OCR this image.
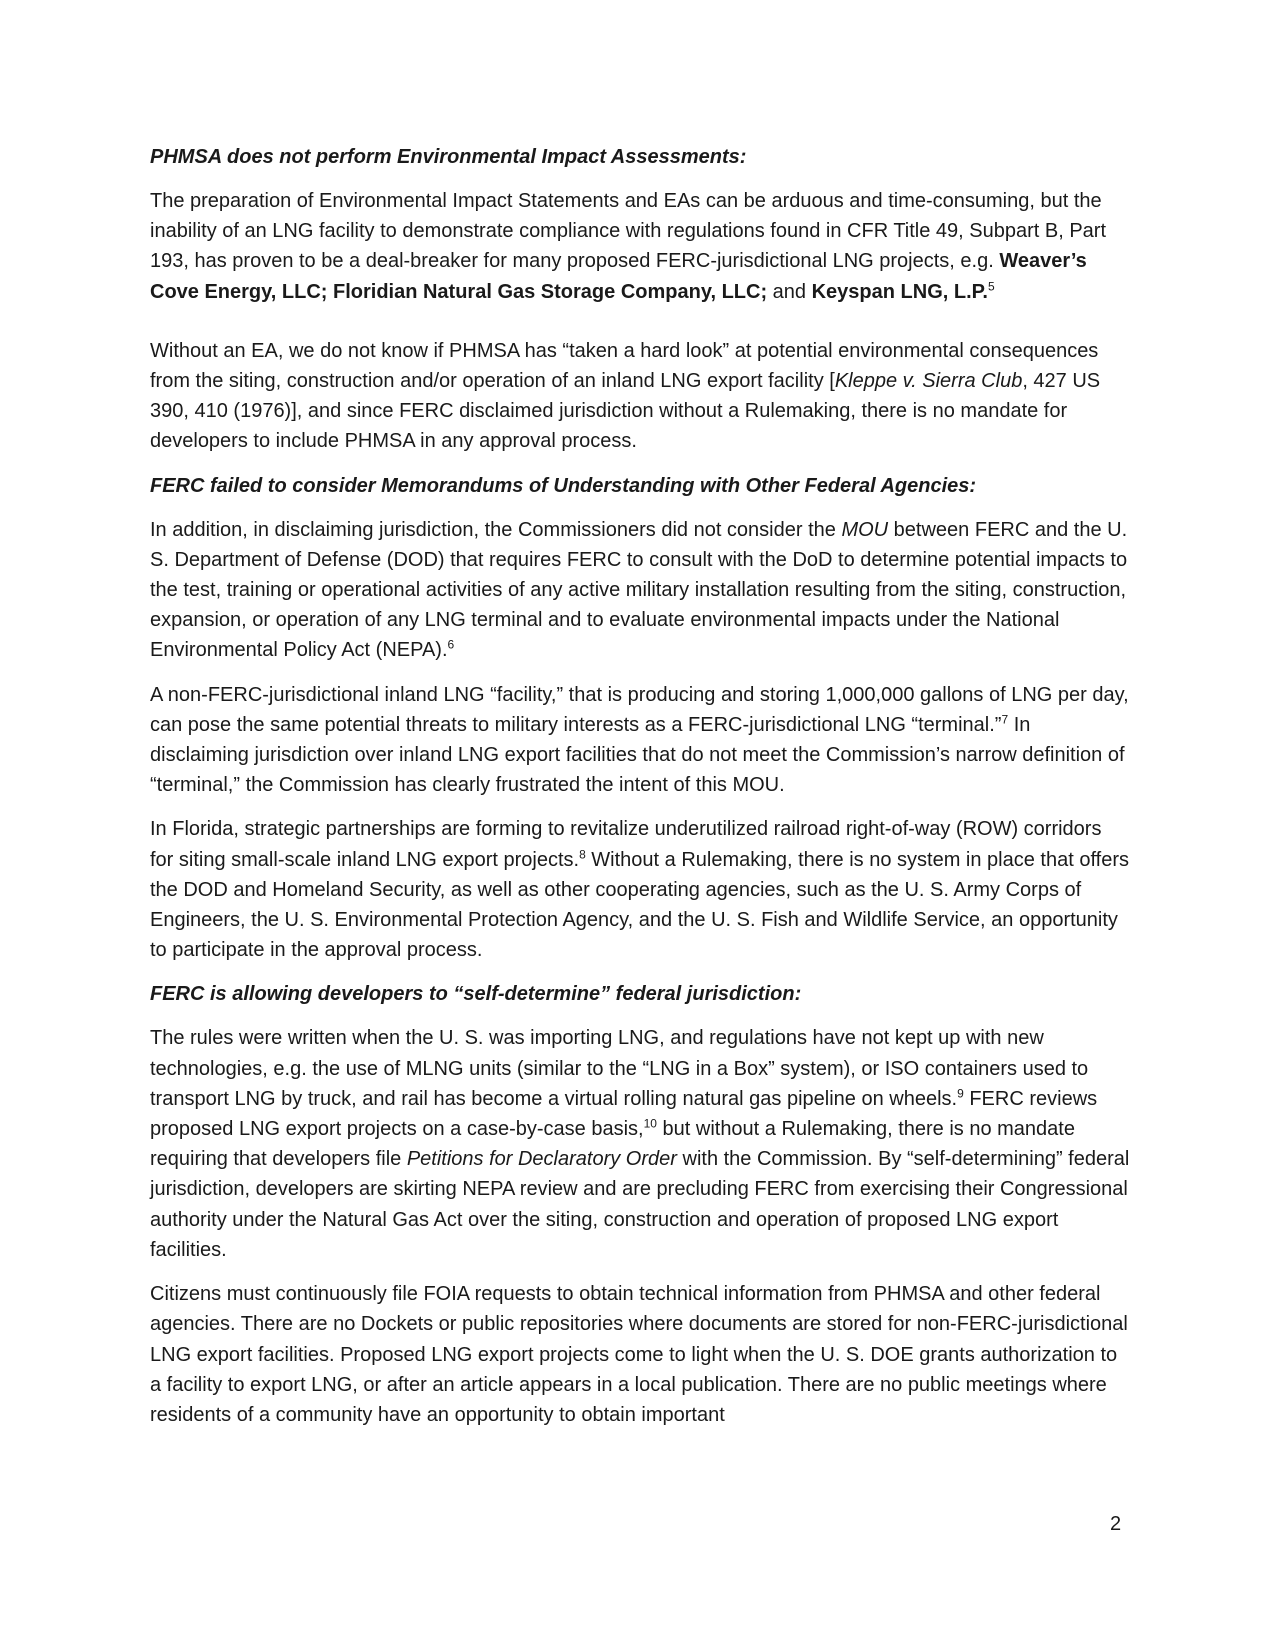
PHMSA does not perform Environmental Impact Assessments:

The preparation of Environmental Impact Statements and EAs can be arduous and time-consuming, but the inability of an LNG facility to demonstrate compliance with regulations found in CFR Title 49, Subpart B, Part 193, has proven to be a deal-breaker for many proposed FERC-jurisdictional LNG projects, e.g. Weaver’s Cove Energy, LLC; Floridian Natural Gas Storage Company, LLC; and Keyspan LNG, L.P.$^5$

Without an EA, we do not know if PHMSA has “taken a hard look” at potential environmental consequences from the siting, construction and/or operation of an inland LNG export facility [Kleppe v. Sierra Club, 427 US 390, 410 (1976)], and since FERC disclaimed jurisdiction without a Rulemaking, there is no mandate for developers to include PHMSA in any approval process.

FERC failed to consider Memorandums of Understanding with Other Federal Agencies:

In addition, in disclaiming jurisdiction, the Commissioners did not consider the MOU between FERC and the U. S. Department of Defense (DOD) that requires FERC to consult with the DoD to determine potential impacts to the test, training or operational activities of any active military installation resulting from the siting, construction, expansion, or operation of any LNG terminal and to evaluate environmental impacts under the National Environmental Policy Act (NEPA).$^6$

A non-FERC-jurisdictional inland LNG “facility,” that is producing and storing 1,000,000 gallons of LNG per day, can pose the same potential threats to military interests as a FERC-jurisdictional LNG “terminal.”$^7$ In disclaiming jurisdiction over inland LNG export facilities that do not meet the Commission’s narrow definition of “terminal,” the Commission has clearly frustrated the intent of this MOU.

In Florida, strategic partnerships are forming to revitalize underutilized railroad right-of-way (ROW) corridors for siting small-scale inland LNG export projects.$^8$ Without a Rulemaking, there is no system in place that offers the DOD and Homeland Security, as well as other cooperating agencies, such as the U. S. Army Corps of Engineers, the U. S. Environmental Protection Agency, and the U. S. Fish and Wildlife Service, an opportunity to participate in the approval process.

FERC is allowing developers to “self-determine” federal jurisdiction:

The rules were written when the U. S. was importing LNG, and regulations have not kept up with new technologies, e.g. the use of MLNG units (similar to the “LNG in a Box” system), or ISO containers used to transport LNG by truck, and rail has become a virtual rolling natural gas pipeline on wheels.$^9$ FERC reviews proposed LNG export projects on a case-by-case basis,$^{10}$ but without a Rulemaking, there is no mandate requiring that developers file Petitions for Declaratory Order with the Commission. By “self-determining” federal jurisdiction, developers are skirting NEPA review and are precluding FERC from exercising their Congressional authority under the Natural Gas Act over the siting, construction and operation of proposed LNG export facilities.

Citizens must continuously file FOIA requests to obtain technical information from PHMSA and other federal agencies. There are no Dockets or public repositories where documents are stored for non-FERC-jurisdictional LNG export facilities. Proposed LNG export projects come to light when the U. S. DOE grants authorization to a facility to export LNG, or after an article appears in a local publication. There are no public meetings where residents of a community have an opportunity to obtain important

2
